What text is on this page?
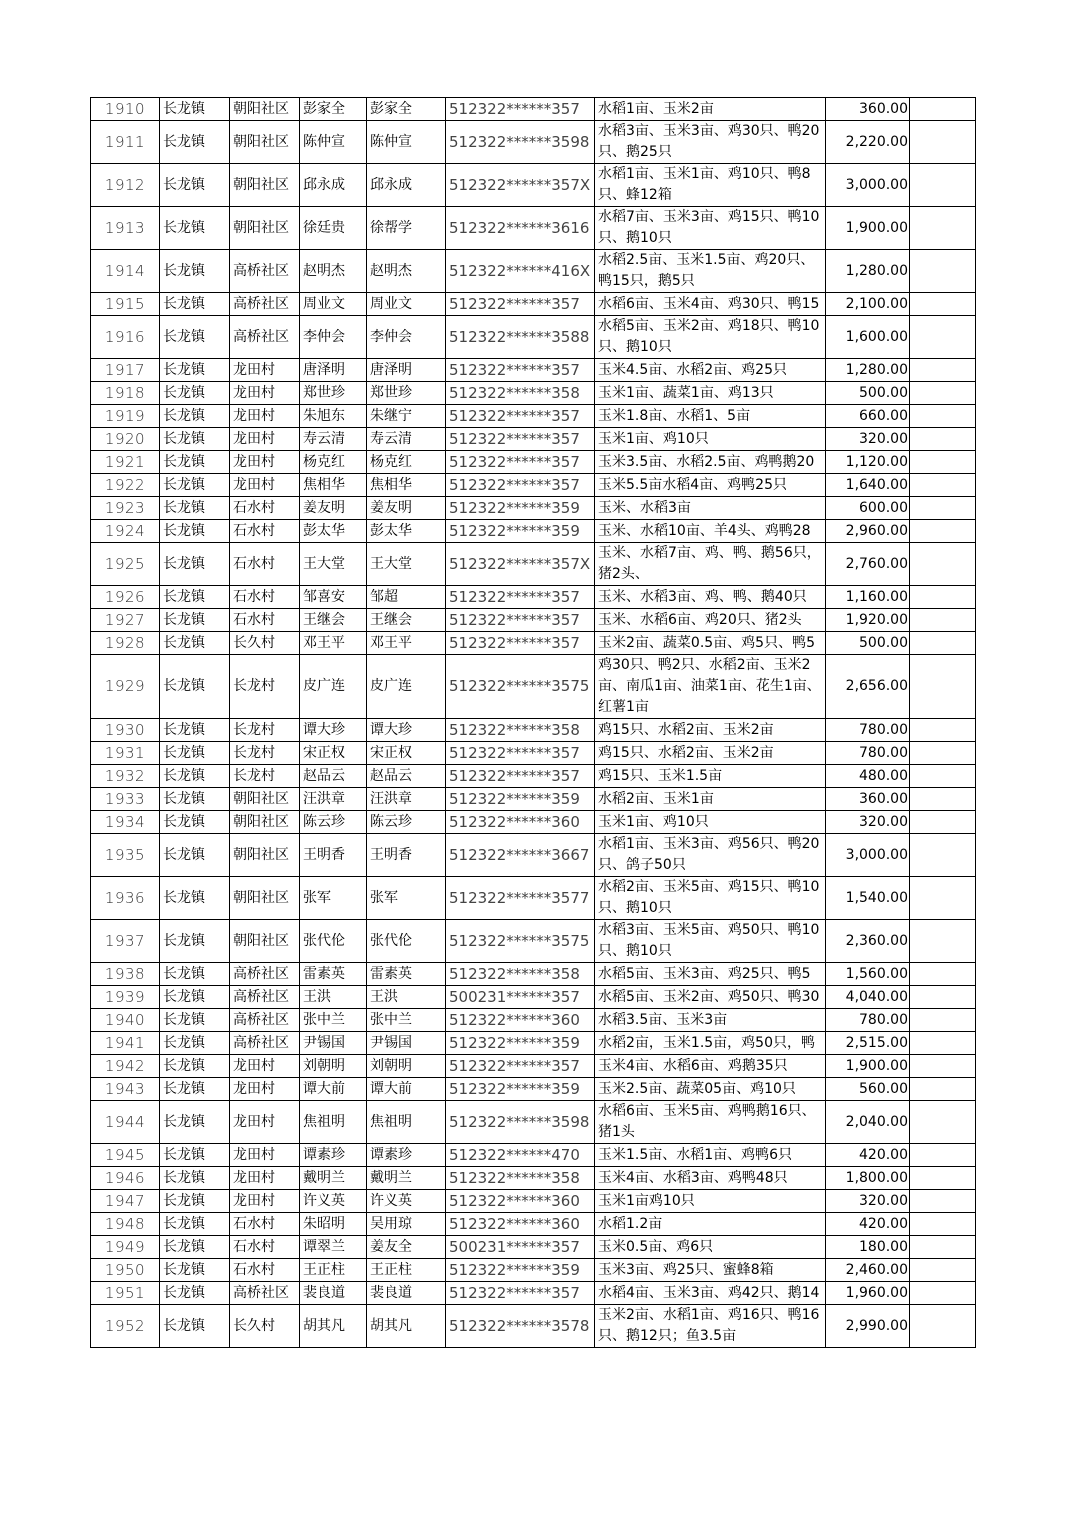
1910	长龙镇	朝阳社区	彭家全	彭家全	512322******357	水稻1亩、玉米2亩	360.00	
1911	长龙镇	朝阳社区	陈仲宣	陈仲宣	512322******3598	水稻3亩、玉米3亩、鸡30只、鸭20只、鹅25只	2,220.00	
1912	长龙镇	朝阳社区	邱永成	邱永成	512322******357X	水稻1亩、玉米1亩、鸡10只、鸭8只、蜂12箱	3,000.00	
1913	长龙镇	朝阳社区	徐廷贵	徐帮学	512322******3616	水稻7亩、玉米3亩、鸡15只、鸭10只、鹅10只	1,900.00	
1914	长龙镇	高桥社区	赵明杰	赵明杰	512322******416X	水稻2.5亩、玉米1.5亩、鸡20只、鸭15只，鹅5只	1,280.00	
1915	长龙镇	高桥社区	周业文	周业文	512322******357	水稻6亩、玉米4亩、鸡30只、鸭15	2,100.00	
1916	长龙镇	高桥社区	李仲会	李仲会	512322******3588	水稻5亩、玉米2亩、鸡18只、鸭10只、鹅10只	1,600.00	
1917	长龙镇	龙田村	唐泽明	唐泽明	512322******357	玉米4.5亩、水稻2亩、鸡25只	1,280.00	
1918	长龙镇	龙田村	郑世珍	郑世珍	512322******358	玉米1亩、蔬菜1亩、鸡13只	500.00	
1919	长龙镇	龙田村	朱旭东	朱继宁	512322******357	玉米1.8亩、水稻1、5亩	660.00	
1920	长龙镇	龙田村	寿云清	寿云清	512322******357	玉米1亩、鸡10只	320.00	
1921	长龙镇	龙田村	杨克红	杨克红	512322******357	玉米3.5亩、水稻2.5亩、鸡鸭鹅20	1,120.00	
1922	长龙镇	龙田村	焦相华	焦相华	512322******357	玉米5.5亩水稻4亩、鸡鸭25只	1,640.00	
1923	长龙镇	石水村	姜友明	姜友明	512322******359	玉米、水稻3亩	600.00	
1924	长龙镇	石水村	彭太华	彭太华	512322******359	玉米、水稻10亩、羊4头、鸡鸭28	2,960.00	
1925	长龙镇	石水村	王大堂	王大堂	512322******357X	玉米、水稻7亩、鸡、鸭、鹅56只，猪2头、	2,760.00	
1926	长龙镇	石水村	邹喜安	邹超	512322******357	玉米、水稻3亩、鸡、鸭、鹅40只	1,160.00	
1927	长龙镇	石水村	王继会	王继会	512322******357	玉米、水稻6亩、鸡20只、猪2头	1,920.00	
1928	长龙镇	长久村	邓王平	邓王平	512322******357	玉米2亩、蔬菜0.5亩、鸡5只、鸭5	500.00	
1929	长龙镇	长龙村	皮广连	皮广连	512322******3575	鸡30只、鸭2只、水稻2亩、玉米2亩、南瓜1亩、油菜1亩、花生1亩、红薯1亩	2,656.00	
1930	长龙镇	长龙村	谭大珍	谭大珍	512322******358	鸡15只、水稻2亩、玉米2亩	780.00	
1931	长龙镇	长龙村	宋正权	宋正权	512322******357	鸡15只、水稻2亩、玉米2亩	780.00	
1932	长龙镇	长龙村	赵品云	赵品云	512322******357	鸡15只、玉米1.5亩	480.00	
1933	长龙镇	朝阳社区	汪洪章	汪洪章	512322******359	水稻2亩、玉米1亩	360.00	
1934	长龙镇	朝阳社区	陈云珍	陈云珍	512322******360	玉米1亩、鸡10只	320.00	
1935	长龙镇	朝阳社区	王明香	王明香	512322******3667	水稻1亩、玉米3亩、鸡56只、鸭20只、鸽子50只	3,000.00	
1936	长龙镇	朝阳社区	张军	张军	512322******3577	水稻2亩、玉米5亩、鸡15只、鸭10只、鹅10只	1,540.00	
1937	长龙镇	朝阳社区	张代伦	张代伦	512322******3575	水稻3亩、玉米5亩、鸡50只、鸭10只、鹅10只	2,360.00	
1938	长龙镇	高桥社区	雷素英	雷素英	512322******358	水稻5亩、玉米3亩、鸡25只、鸭5	1,560.00	
1939	长龙镇	高桥社区	王洪	王洪	500231******357	水稻5亩、玉米2亩、鸡50只、鸭30	4,040.00	
1940	长龙镇	高桥社区	张中兰	张中兰	512322******360	水稻3.5亩、玉米3亩	780.00	
1941	长龙镇	高桥社区	尹锡国	尹锡国	512322******359	水稻2亩，玉米1.5亩，鸡50只，鸭	2,515.00	
1942	长龙镇	龙田村	刘朝明	刘朝明	512322******357	玉米4亩、水稻6亩、鸡鹅35只	1,900.00	
1943	长龙镇	龙田村	谭大前	谭大前	512322******359	玉米2.5亩、蔬菜05亩、鸡10只	560.00	
1944	长龙镇	龙田村	焦祖明	焦祖明	512322******3598	水稻6亩、玉米5亩、鸡鸭鹅16只、猪1头	2,040.00	
1945	长龙镇	龙田村	谭素珍	谭素珍	512322******470	玉米1.5亩、水稻1亩、鸡鸭6只	420.00	
1946	长龙镇	龙田村	戴明兰	戴明兰	512322******358	玉米4亩、水稻3亩、鸡鸭48只	1,800.00	
1947	长龙镇	龙田村	许义英	许义英	512322******360	玉米1亩鸡10只	320.00	
1948	长龙镇	石水村	朱昭明	吴用琼	512322******360	水稻1.2亩	420.00	
1949	长龙镇	石水村	谭翠兰	姜友全	500231******357	玉米0.5亩、鸡6只	180.00	
1950	长龙镇	石水村	王正柱	王正柱	512322******359	玉米3亩、鸡25只、蜜蜂8箱	2,460.00	
1951	长龙镇	高桥社区	裴良道	裴良道	512322******357	水稻4亩、玉米3亩、鸡42只、鹅14	1,960.00	
1952	长龙镇	长久村	胡其凡	胡其凡	512322******3578	玉米2亩、水稻1亩、鸡16只、鸭16只、鹅12只；鱼3.5亩	2,990.00	
